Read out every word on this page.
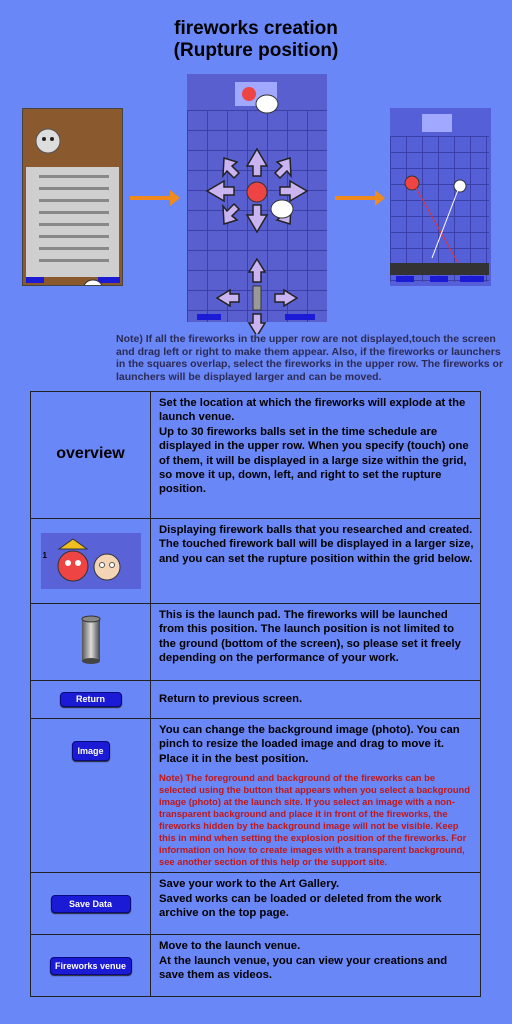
fireworks creation
(Rupture position)
Note) If all the fireworks in the upper row are not displayed,touch the screen and drag left or right to make them appear. Also, if the fireworks or launchers in the squares overlap, select the fireworks in the upper row. The fireworks or launchers will be displayed larger and can be moved.
overview	Set the location at which the fireworks will explode at the launch venue.
Up to 30 fireworks balls set in the time schedule are displayed in the upper row. When you specify (touch) one of them, it will be displayed in a large size within the grid, so move it up, down, left, and right to set the rupture position.

1	Displaying firework balls that you researched and created.
The touched firework ball will be displayed in a larger size, and you can set the rupture position within the grid below.
	This is the launch pad. The fireworks will be launched from this position. The launch position is not limited to the ground (bottom of the screen), so please set it freely depending on the performance of your work.
Return	Return to previous screen.
Image	You can change the background image (photo). You can pinch to resize the loaded image and drag to move it. Place it in the best position.
Note) The foreground and background of the fireworks can be selected using the button that appears when you select a background image (photo) at the launch site. If you select an image with a non-transparent background and place it in front of the fireworks, the fireworks hidden by the background image will not be visible. Keep this in mind when setting the explosion position of the fireworks. For information on how to create images with a transparent background, see another section of this help or the support site.

Save Data	Save your work to the Art Gallery.
Saved works can be loaded or deleted from the work archive on the top page.
Fireworks venue	Move to the launch venue.
At the launch venue, you can view your creations and save them as videos.
